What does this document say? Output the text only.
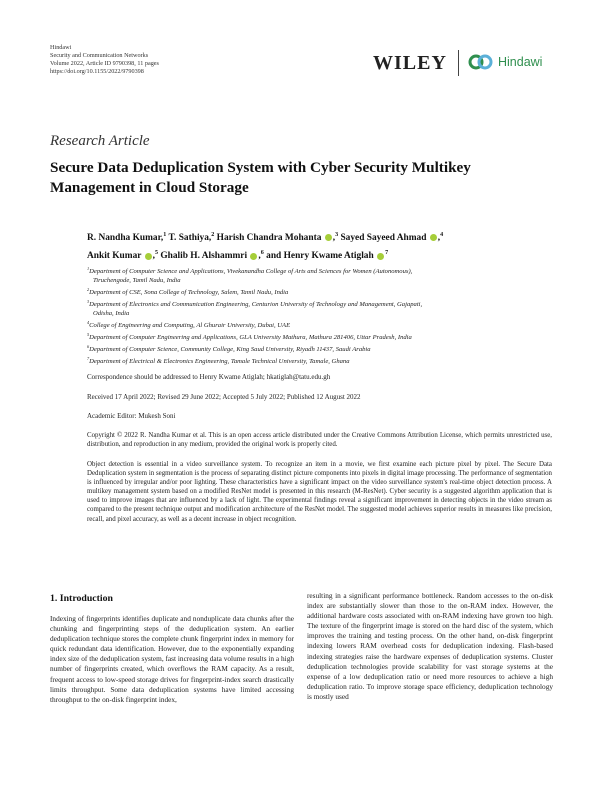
Hindawi
Security and Communication Networks
Volume 2022, Article ID 9790398, 11 pages
https://doi.org/10.1155/2022/9790398	WILEY	Hindawi
Research Article
Secure Data Deduplication System with Cyber Security Multikey
Management in Cloud Storage
R. Nandha Kumar,$^1$ T. Sathiya,$^2$ Harish Chandra Mohanta ,$^3$ Sayed Sayeed Ahmad ,$^4$
Ankit Kumar ,$^5$ Ghalib H. Alshammri ,$^6$ and Henry Kwame Atiglah $^7$
$^1$Department of Computer Science and Applications, Vivekanandha College of Arts and Sciences for Women (Autonomous),
Tiruchengode, Tamil Nadu, India
$^2$Department of CSE, Sona College of Technology, Salem, Tamil Nadu, India
$^3$Department of Electronics and Communication Engineering, Centurion University of Technology and Management, Gajapati,
Odisha, India
$^4$College of Engineering and Computing, Al Ghurair University, Dubai, UAE
$^5$Department of Computer Engineering and Applications, GLA University Mathura, Mathura 281406, Uttar Pradesh, India
$^6$Department of Computer Science, Community College, King Saud University, Riyadh 11437, Saudi Arabia
$^7$Department of Electrical & Electronics Engineering, Tamale Technical University, Tamale, Ghana
Correspondence should be addressed to Henry Kwame Atiglah; hkatiglah@tatu.edu.gh
Received 17 April 2022; Revised 29 June 2022; Accepted 5 July 2022; Published 12 August 2022
Academic Editor: Mukesh Soni
Copyright © 2022 R. Nandha Kumar et al. This is an open access article distributed under the Creative Commons Attribution License, which permits unrestricted use, distribution, and reproduction in any medium, provided the original work is properly cited.
Object detection is essential in a video surveillance system. To recognize an item in a movie, we first examine each picture pixel by pixel. The Secure Data Deduplication system in segmentation is the process of separating distinct picture components into pixels in digital image processing. The performance of segmentation is influenced by irregular and/or poor lighting. These characteristics have a significant impact on the video surveillance system's real-time object detection process. A multikey management system based on a modified ResNet model is presented in this research (M-ResNet). Cyber security is a suggested algorithm application that is used to improve images that are influenced by a lack of light. The experimental findings reveal a significant improvement in detecting objects in the video stream as compared to the present technique output and modification architecture of the ResNet model. The suggested model achieves superior results in measures like precision, recall, and pixel accuracy, as well as a decent increase in object recognition.
1. Introduction
Indexing of fingerprints identifies duplicate and nonduplicate data chunks after the chunking and fingerprinting steps of the deduplication system. An earlier deduplication technique stores the complete chunk fingerprint index in memory for quick redundant data identification. However, due to the exponentially expanding index size of the deduplication system, fast increasing data volume results in a high number of fingerprints created, which overflows the RAM capacity. As a result, frequent access to low-speed storage drives for fingerprint-index search drastically limits throughput. Some data deduplication systems have limited accessing throughput to the on-disk fingerprint index,
resulting in a significant performance bottleneck. Random accesses to the on-disk index are substantially slower than those to the on-RAM index. However, the additional hardware costs associated with on-RAM indexing have grown too high. The texture of the fingerprint image is stored on the hard disc of the system, which improves the training and testing process. On the other hand, on-disk fingerprint indexing lowers RAM overhead costs for deduplication indexing. Flash-based indexing strategies raise the hardware expenses of deduplication systems. Cluster deduplication technologies provide scalability for vast storage systems at the expense of a low deduplication ratio or need more resources to achieve a high deduplication ratio. To improve storage space efficiency, deduplication technology is mostly used
